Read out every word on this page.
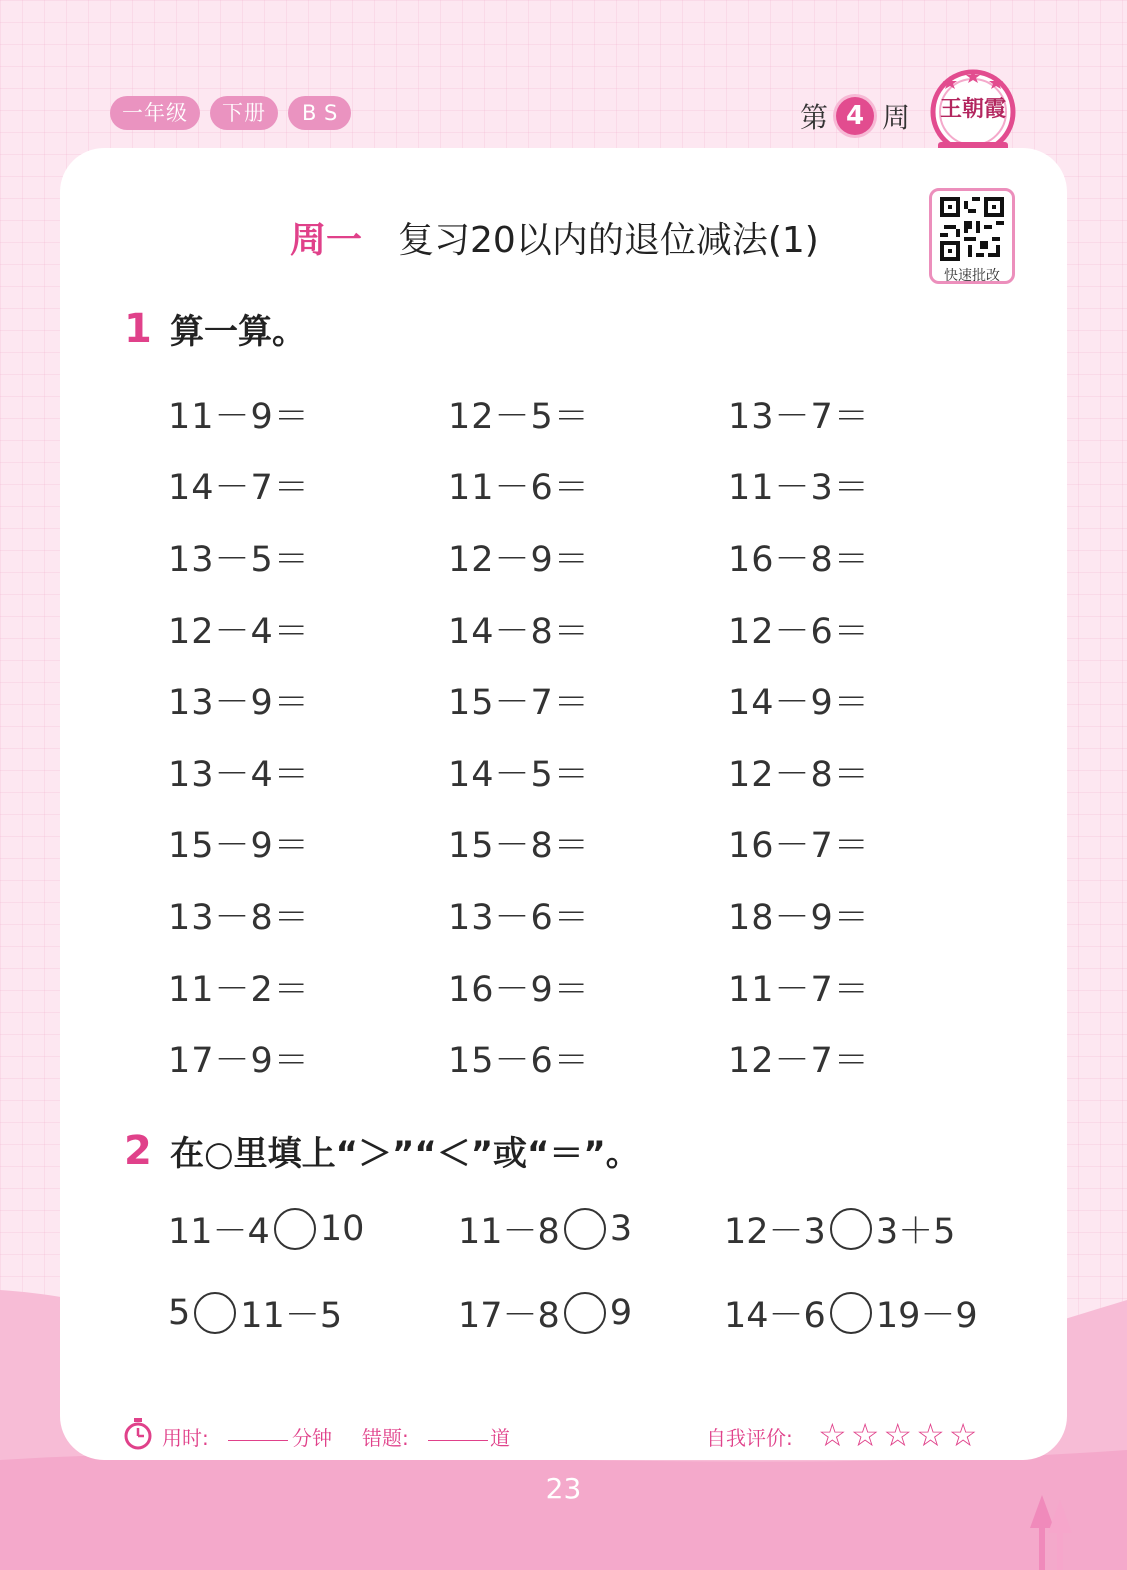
一年级	下册	BS	第 4 周	王朝霞
快速批改
周一 复习20以内的退位减法(1)
1 算一算。
11－9＝	12－5＝	13－7＝
14－7＝	11－6＝	11－3＝
13－5＝	12－9＝	16－8＝
12－4＝	14－8＝	12－6＝
13－9＝	15－7＝	14－9＝
13－4＝	14－5＝	12－8＝
15－9＝	15－8＝	16－7＝
13－8＝	13－6＝	18－9＝
11－2＝	16－9＝	11－7＝
17－9＝	15－6＝	12－7＝
2 在○里填上“＞”“＜”或“＝”。
11－4 10	11－8 3	12－3 3＋5
5 11－5	17－8 9	14－6 19－9
用时:	分钟 错题:	道	自我评价: ☆☆☆☆☆
23
